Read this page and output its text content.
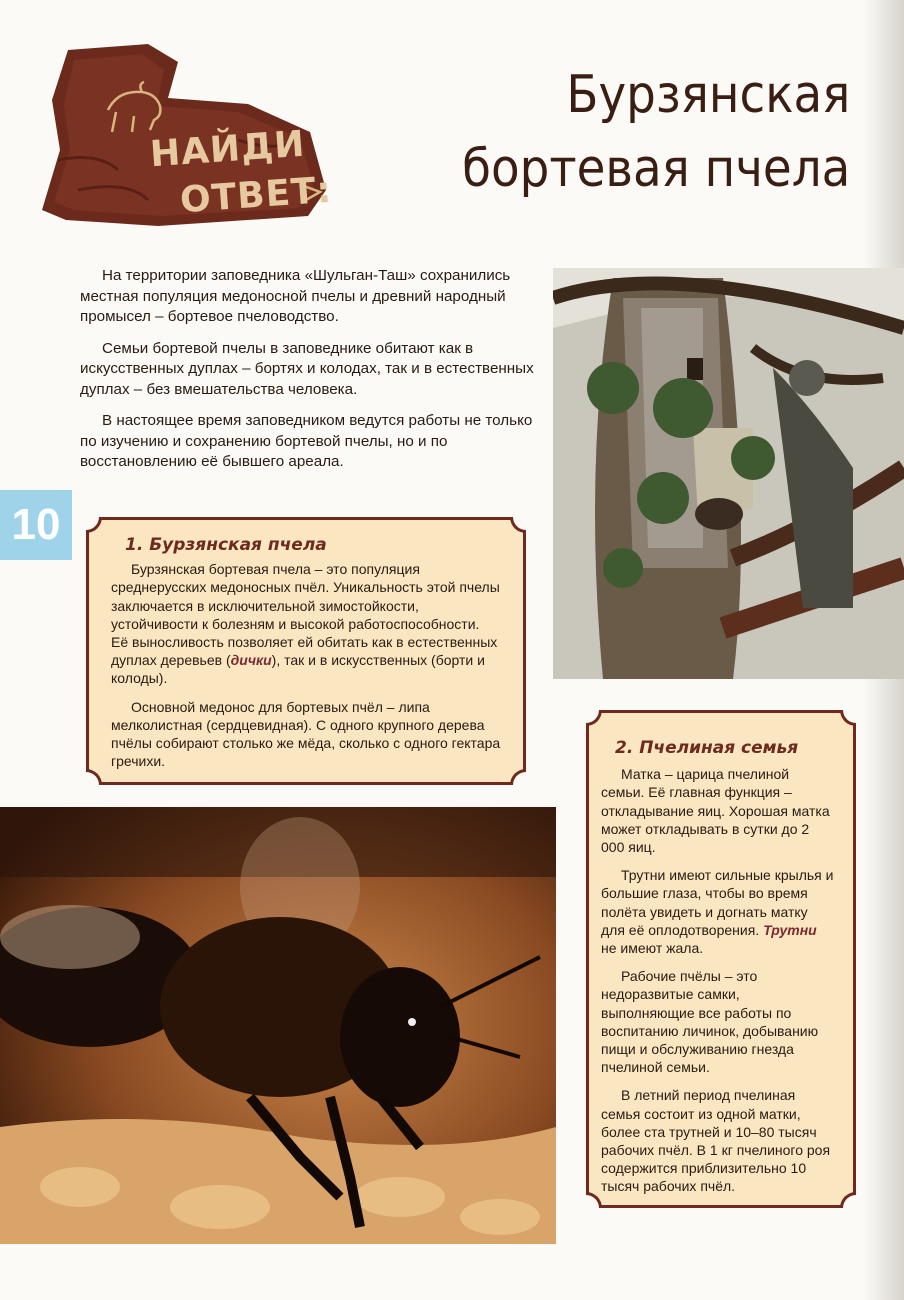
НАЙДИ
ОТВЕТ:
Бурзянская
бортевая пчела

На территории заповедника «Шульган-Таш» сохранились местная популяция медоносной пчелы и древний народный промысел – бортевое пчеловодство.

Семьи бортевой пчелы в заповеднике обитают как в искусственных дуплах – бортях и колодах, так и в естественных дуплах – без вмешательства человека.

В настоящее время заповедником ведутся работы не только по изучению и сохранению бортевой пчелы, но и по восстановлению её бывшего ареала.

10	1. Бурзянская пчела

Бурзянская бортевая пчела – это популяция среднерусских медоносных пчёл. Уникальность этой пчелы заключается в исключительной зимостойкости, устойчивости к болезням и высокой работоспособности.

Её выносливость позволяет ей обитать как в естественных дуплах деревьев (дички), так и в искусственных (борти и колоды).

Основной медонос для бортевых пчёл – липа мелколистная (сердцевидная). С одного крупного дерева пчёлы собирают столько же мёда, сколько с одного гектара гречихи.

2. Пчелиная семья

Матка – царица пчелиной семьи. Её главная функция – откладывание яиц. Хорошая матка может откладывать в сутки до 2 000 яиц.

Трутни имеют сильные крылья и большие глаза, чтобы во время полёта увидеть и догнать матку для её оплодотворения. Трутни не имеют жала.

Рабочие пчёлы – это недоразвитые самки, выполняющие все работы по воспитанию личинок, добыванию пищи и обслуживанию гнезда пчелиной семьи.

В летний период пчелиная семья состоит из одной матки, более ста трутней и 10–80 тысяч рабочих пчёл. В 1 кг пчелиного роя содержится приблизительно 10 тысяч рабочих пчёл.
